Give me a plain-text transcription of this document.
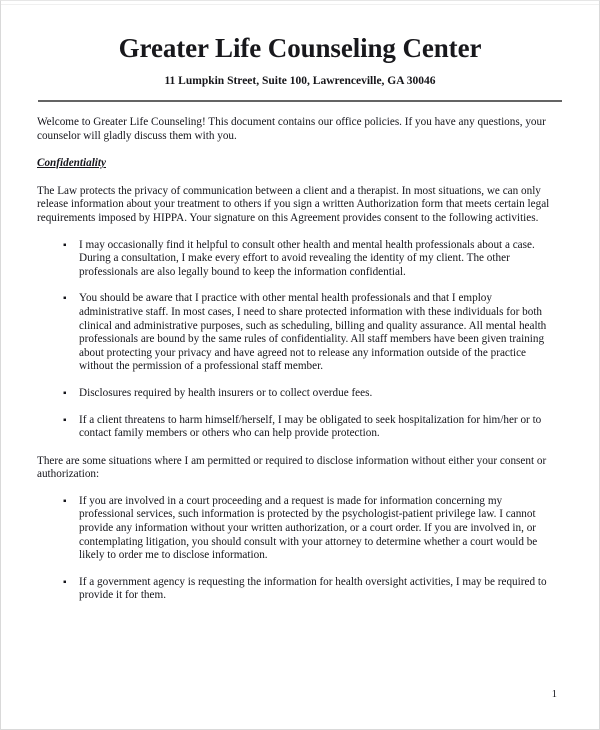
Greater Life Counseling Center
11 Lumpkin Street, Suite 100, Lawrenceville, GA 30046

Welcome to Greater Life Counseling! This document contains our office policies. If you have any questions, your counselor will gladly discuss them with you.

Confidentiality

The Law protects the privacy of communication between a client and a therapist. In most situations, we can only release information about your treatment to others if you sign a written Authorization form that meets certain legal requirements imposed by HIPPA. Your signature on this Agreement provides consent to the following activities.

▪ I may occasionally find it helpful to consult other health and mental health professionals about a case. During a consultation, I make every effort to avoid revealing the identity of my client. The other professionals are also legally bound to keep the information confidential.
▪ You should be aware that I practice with other mental health professionals and that I employ administrative staff. In most cases, I need to share protected information with these individuals for both clinical and administrative purposes, such as scheduling, billing and quality assurance. All mental health professionals are bound by the same rules of confidentiality. All staff members have been given training about protecting your privacy and have agreed not to release any information outside of the practice without the permission of a professional staff member.
▪ Disclosures required by health insurers or to collect overdue fees.
▪ If a client threatens to harm himself/herself, I may be obligated to seek hospitalization for him/her or to contact family members or others who can help provide protection.

There are some situations where I am permitted or required to disclose information without either your consent or authorization:

▪ If you are involved in a court proceeding and a request is made for information concerning my professional services, such information is protected by the psychologist-patient privilege law. I cannot provide any information without your written authorization, or a court order. If you are involved in, or contemplating litigation, you should consult with your attorney to determine whether a court would be likely to order me to disclose information.
▪ If a government agency is requesting the information for health oversight activities, I may be required to provide it for them.
1
